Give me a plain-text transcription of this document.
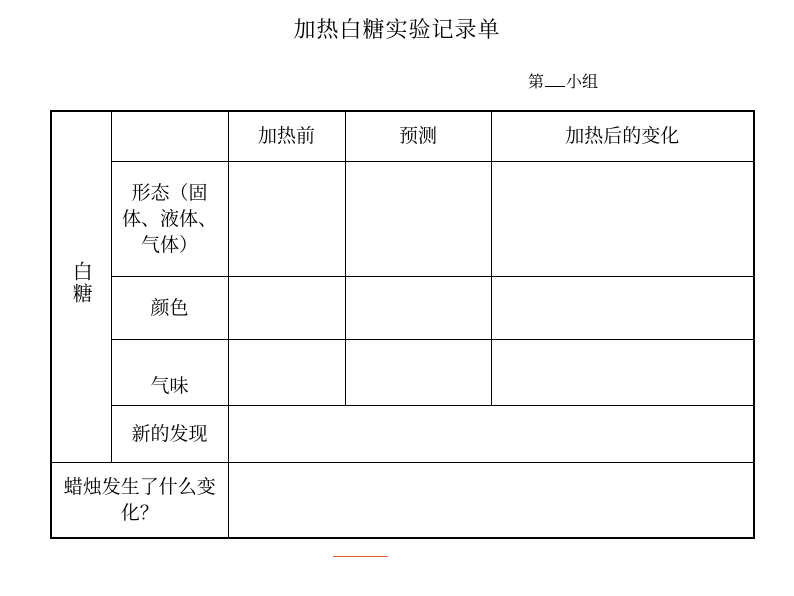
加热白糖实验记录单
第 小组
白糖		加热前	预测	加热后的变化
	形态（固体、液体、气体）			
	颜色			
	气味			
	新的发现			

蜡烛发生了什么变化？				
